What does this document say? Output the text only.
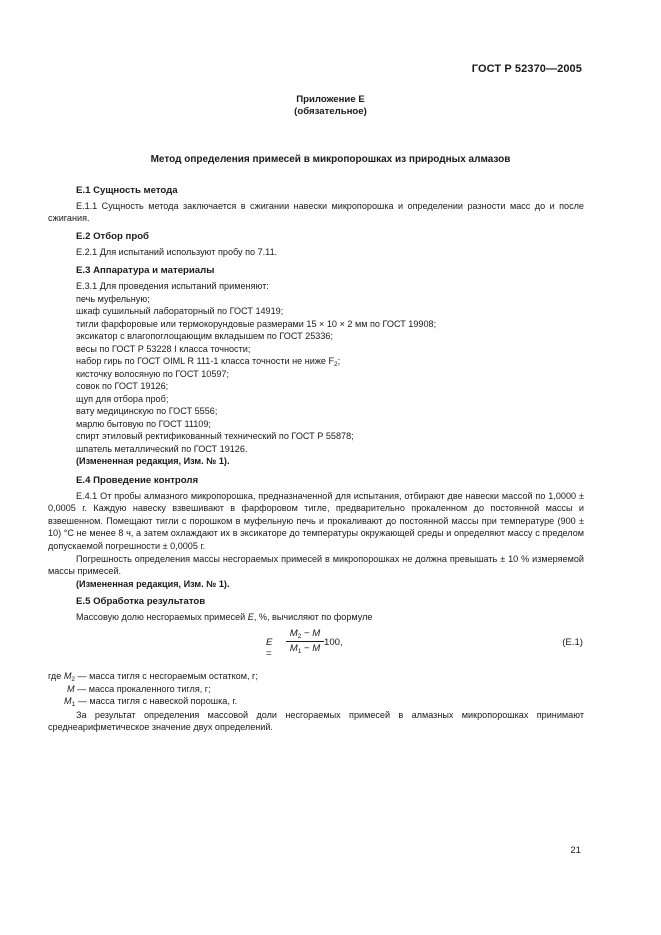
ГОСТ Р 52370—2005
Приложение Е
(обязательное)
Метод определения примесей в микропорошках из природных алмазов
Е.1 Сущность метода
Е.1.1 Сущность метода заключается в сжигании навески микропорошка и определении разности масс до и после сжигания.
Е.2 Отбор проб
Е.2.1 Для испытаний используют пробу по 7.11.
Е.3 Аппаратура и материалы
Е.3.1 Для проведения испытаний применяют:
печь муфельную;
шкаф сушильный лабораторный по ГОСТ 14919;
тигли фарфоровые или термокорундовые размерами 15 × 10 × 2 мм по ГОСТ 19908;
эксикатор с влагопоглощающим вкладышем по ГОСТ 25336;
весы по ГОСТ Р 53228 I класса точности;
набор гирь по ГОСТ OIML R 111-1 класса точности не ниже $F_2$;
кисточку волосяную по ГОСТ 10597;
совок по ГОСТ 19126;
щуп для отбора проб;
вату медицинскую по ГОСТ 5556;
марлю бытовую по ГОСТ 11109;
спирт этиловый ректификованный технический по ГОСТ Р 55878;
шпатель металлический по ГОСТ 19126.
(Измененная редакция, Изм. № 1).
Е.4 Проведение контроля
Е.4.1 От пробы алмазного микропорошка, предназначенной для испытания, отбирают две навески массой по 1,0000 ± 0,0005 г. Каждую навеску взвешивают в фарфоровом тигле, предварительно прокаленном до постоянной массы и взвешенном. Помещают тигли с порошком в муфельную печь и прокаливают до постоянной массы при температуре (900 ± 10) °С не менее 8 ч, а затем охлаждают их в эксикаторе до температуры окружающей среды и определяют массу с пределом допускаемой погрешности ± 0,0005 г.
Погрешность определения массы несгораемых примесей в микропорошках не должна превышать ± 10 % измеряемой массы примесей.
(Измененная редакция, Изм. № 1).
Е.5 Обработка результатов
Массовую долю несгораемых примесей E, %, вычисляют по формуле
$E = \frac{M_2 - M}{M_1 - M} 100$,	(Е.1)
где $M_2$ — масса тигля с несгораемым остатком, г;
M — масса прокаленного тигля, г;
$M_1$ — масса тигля с навеской порошка, г.
За результат определения массовой доли несгораемых примесей в алмазных микропорошках принимают среднеарифметическое значение двух определений.
21
